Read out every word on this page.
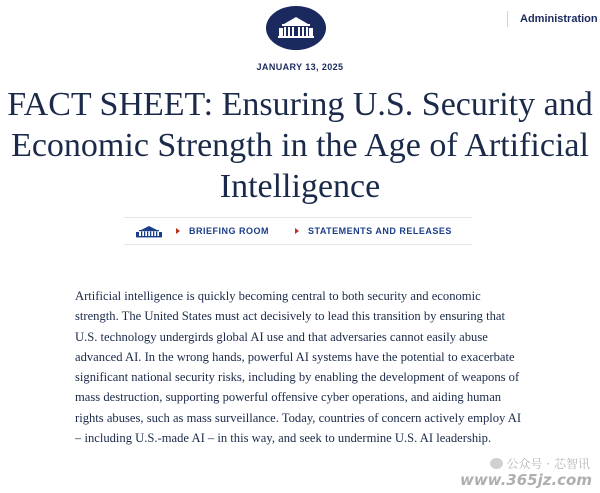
Administration
JANUARY 13, 2025
FACT SHEET: Ensuring U.S. Security and Economic Strength in the Age of Artificial Intelligence
BRIEFING ROOM	STATEMENTS AND RELEASES

Artificial intelligence is quickly becoming central to both security and economic strength. The United States must act decisively to lead this transition by ensuring that U.S. technology undergirds global AI use and that adversaries cannot easily abuse advanced AI. In the wrong hands, powerful AI systems have the potential to exacerbate significant national security risks, including by enabling the development of weapons of mass destruction, supporting powerful offensive cyber operations, and aiding human rights abuses, such as mass surveillance. Today, countries of concern actively employ AI – including U.S.-made AI – in this way, and seek to undermine U.S. AI leadership.

公众号 · 芯智讯
www.365jz.com
